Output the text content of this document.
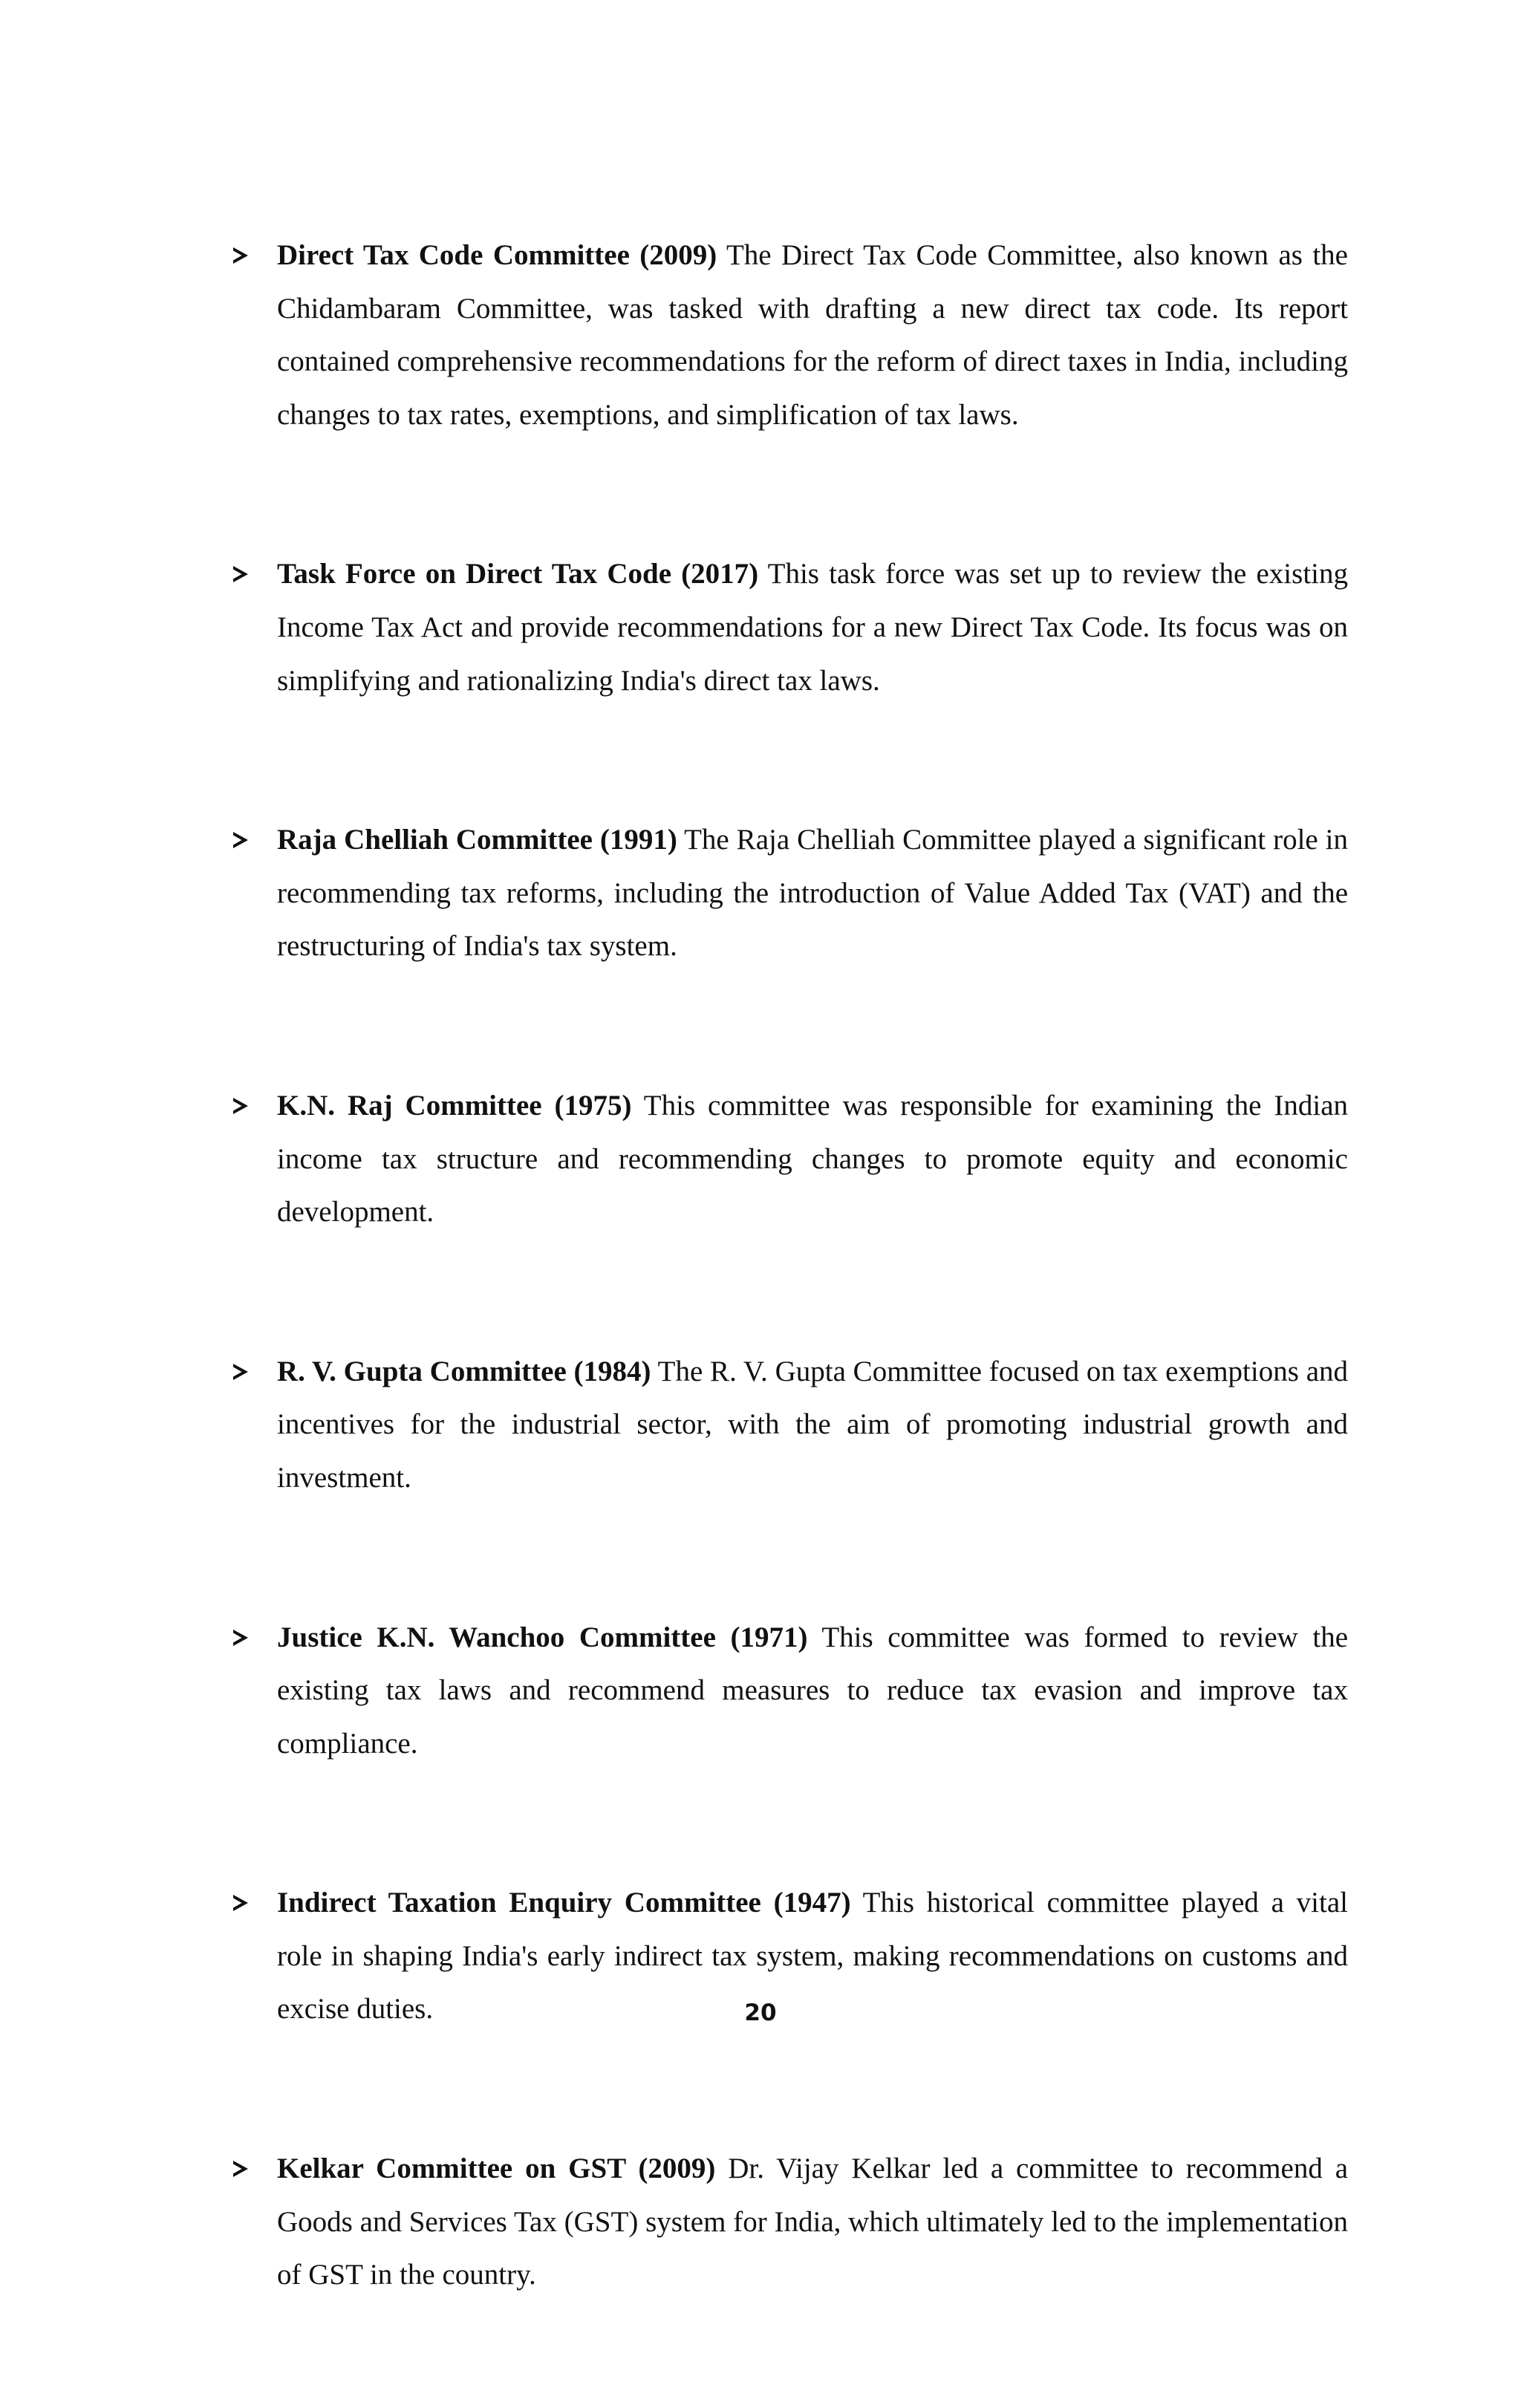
Direct Tax Code Committee (2009) The Direct Tax Code Committee, also known as the Chidambaram Committee, was tasked with drafting a new direct tax code. Its report contained comprehensive recommendations for the reform of direct taxes in India, including changes to tax rates, exemptions, and simplification of tax laws.
Task Force on Direct Tax Code (2017) This task force was set up to review the existing Income Tax Act and provide recommendations for a new Direct Tax Code. Its focus was on simplifying and rationalizing India's direct tax laws.
Raja Chelliah Committee (1991) The Raja Chelliah Committee played a significant role in recommending tax reforms, including the introduction of Value Added Tax (VAT) and the restructuring of India's tax system.
K.N. Raj Committee (1975) This committee was responsible for examining the Indian income tax structure and recommending changes to promote equity and economic development.
R. V. Gupta Committee (1984) The R. V. Gupta Committee focused on tax exemptions and incentives for the industrial sector, with the aim of promoting industrial growth and investment.
Justice K.N. Wanchoo Committee (1971) This committee was formed to review the existing tax laws and recommend measures to reduce tax evasion and improve tax compliance.
Indirect Taxation Enquiry Committee (1947) This historical committee played a vital role in shaping India's early indirect tax system, making recommendations on customs and excise duties.
Kelkar Committee on GST (2009) Dr. Vijay Kelkar led a committee to recommend a Goods and Services Tax (GST) system for India, which ultimately led to the implementation of GST in the country.
20
